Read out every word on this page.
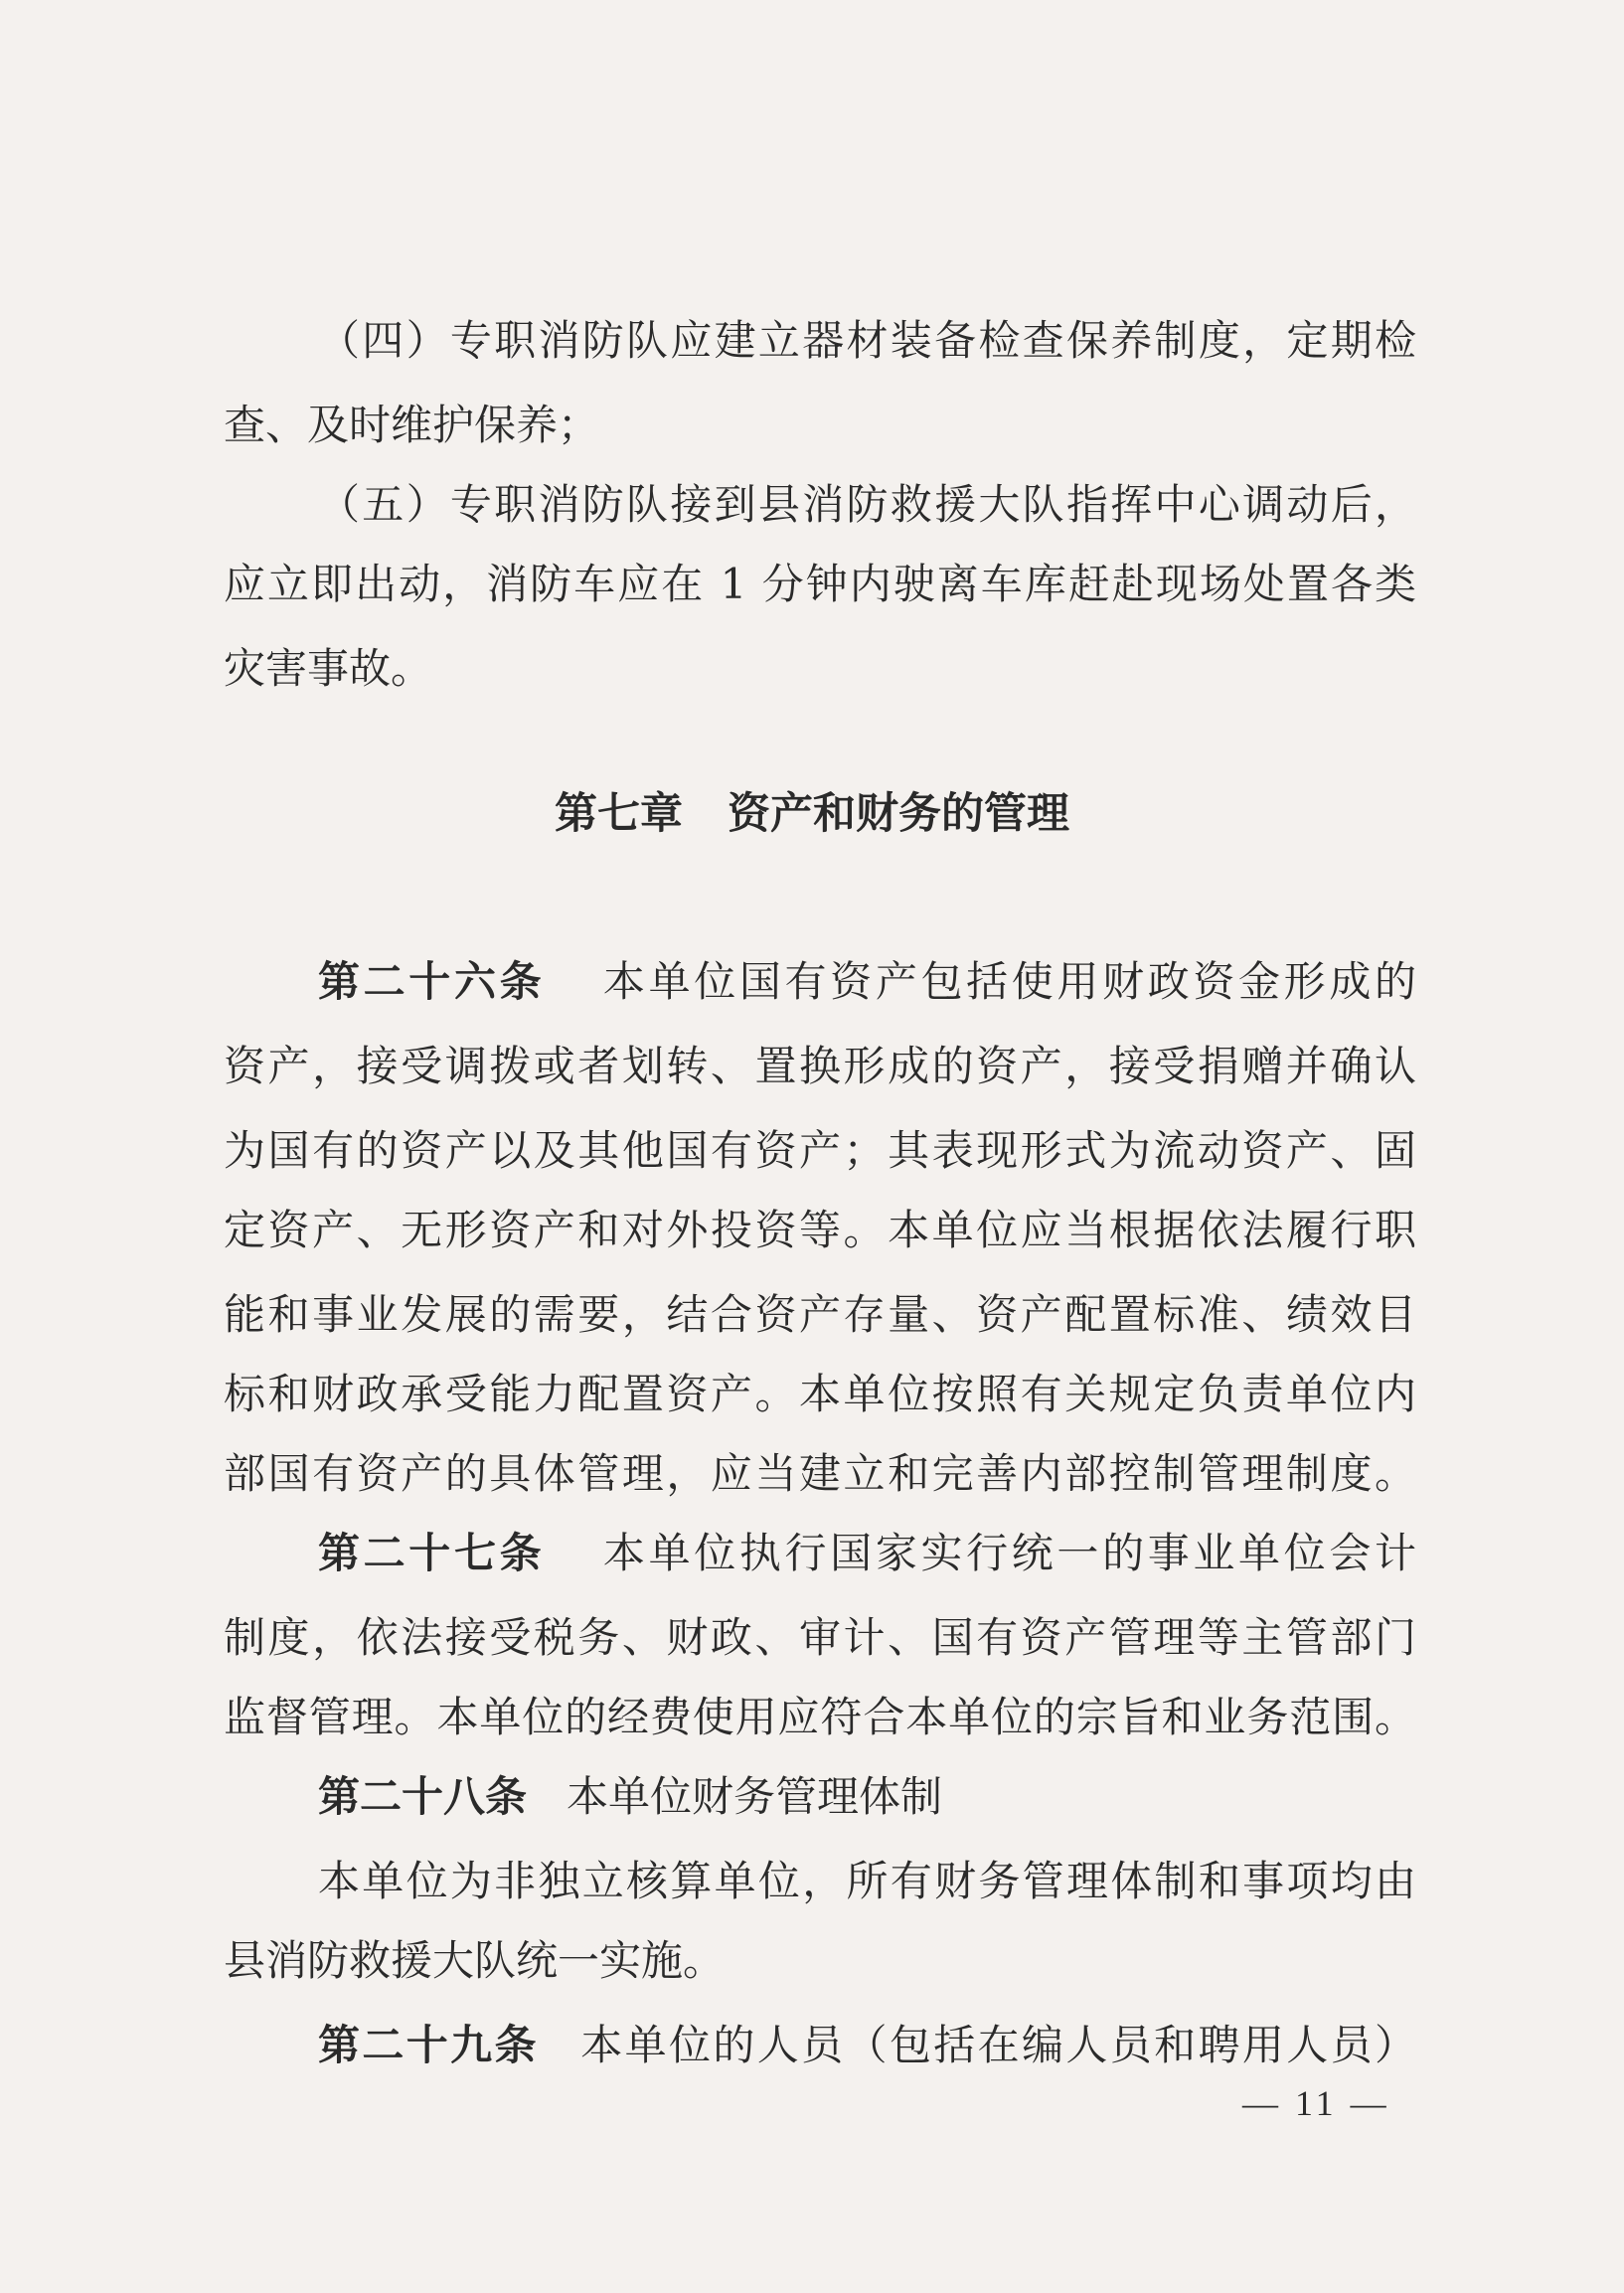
（四）专职消防队应建立器材装备检查保养制度，定期检
查、及时维护保养；
（五）专职消防队接到县消防救援大队指挥中心调动后，
应立即出动，消防车应在 1 分钟内驶离车库赶赴现场处置各类
灾害事故。
第二十六条 本单位国有资产包括使用财政资金形成的
资产，接受调拨或者划转、置换形成的资产，接受捐赠并确认
为国有的资产以及其他国有资产；其表现形式为流动资产、固
定资产、无形资产和对外投资等。本单位应当根据依法履行职
能和事业发展的需要，结合资产存量、资产配置标准、绩效目
标和财政承受能力配置资产。本单位按照有关规定负责单位内
部国有资产的具体管理，应当建立和完善内部控制管理制度。
第二十七条 本单位执行国家实行统一的事业单位会计
制度，依法接受税务、财政、审计、国有资产管理等主管部门
监督管理。本单位的经费使用应符合本单位的宗旨和业务范围。
第二十八条 本单位财务管理体制
本单位为非独立核算单位，所有财务管理体制和事项均由
县消防救援大队统一实施。
第二十九条 本单位的人员（包括在编人员和聘用人员）
第七章 资产和财务的管理
— 11 —
